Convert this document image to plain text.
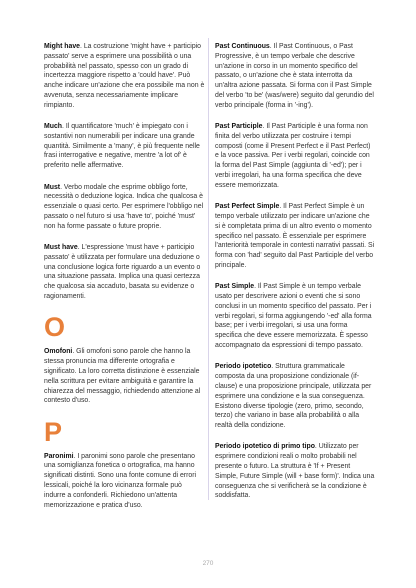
Might have. La costruzione 'might have + participio passato' serve a esprimere una possibilità o una probabilità nel passato, spesso con un grado di incertezza maggiore rispetto a 'could have'. Può anche indicare un'azione che era possibile ma non è avvenuta, senza necessariamente implicare rimpianto.

Much. Il quantificatore 'much' è impiegato con i sostantivi non numerabili per indicare una grande quantità. Similmente a 'many', è più frequente nelle frasi interrogative e negative, mentre 'a lot of' è preferito nelle affermative.

Must. Verbo modale che esprime obbligo forte, necessità o deduzione logica. Indica che qualcosa è essenziale o quasi certo. Per esprimere l'obbligo nel passato o nel futuro si usa 'have to', poiché 'must' non ha forme passate o future proprie.

Must have. L'espressione 'must have + participio passato' è utilizzata per formulare una deduzione o una conclusione logica forte riguardo a un evento o una situazione passata. Implica una quasi certezza che qualcosa sia accaduto, basata su evidenze o ragionamenti.

O

Omofoni. Gli omofoni sono parole che hanno la stessa pronuncia ma differente ortografia e significato. La loro corretta distinzione è essenziale nella scrittura per evitare ambiguità e garantire la chiarezza del messaggio, richiedendo attenzione al contesto d'uso.

P

Paronimi. I paronimi sono parole che presentano una somiglianza fonetica o ortografica, ma hanno significati distinti. Sono una fonte comune di errori lessicali, poiché la loro vicinanza formale può indurre a confonderli. Richiedono un'attenta memorizzazione e pratica d'uso.

Past Continuous. Il Past Continuous, o Past Progressive, è un tempo verbale che descrive un'azione in corso in un momento specifico del passato, o un'azione che è stata interrotta da un'altra azione passata. Si forma con il Past Simple del verbo 'to be' (was/were) seguito dal gerundio del verbo principale (forma in '-ing').

Past Participle. Il Past Participle è una forma non finita del verbo utilizzata per costruire i tempi composti (come il Present Perfect e il Past Perfect) e la voce passiva. Per i verbi regolari, coincide con la forma del Past Simple (aggiunta di '-ed'); per i verbi irregolari, ha una forma specifica che deve essere memorizzata.

Past Perfect Simple. Il Past Perfect Simple è un tempo verbale utilizzato per indicare un'azione che si è completata prima di un altro evento o momento specifico nel passato. È essenziale per esprimere l'anteriorità temporale in contesti narrativi passati. Si forma con 'had' seguito dal Past Participle del verbo principale.

Past Simple. Il Past Simple è un tempo verbale usato per descrivere azioni o eventi che si sono conclusi in un momento specifico del passato. Per i verbi regolari, si forma aggiungendo '-ed' alla forma base; per i verbi irregolari, si usa una forma specifica che deve essere memorizzata. È spesso accompagnato da espressioni di tempo passato.

Periodo ipotetico. Struttura grammaticale composta da una proposizione condizionale (if-clause) e una proposizione principale, utilizzata per esprimere una condizione e la sua conseguenza. Esistono diverse tipologie (zero, primo, secondo, terzo) che variano in base alla probabilità o alla realtà della condizione.

Periodo ipotetico di primo tipo. Utilizzato per esprimere condizioni reali o molto probabili nel presente o futuro. La struttura è 'If + Present Simple, Future Simple (will + base form)'. Indica una conseguenza che si verificherà se la condizione è soddisfatta.

270
